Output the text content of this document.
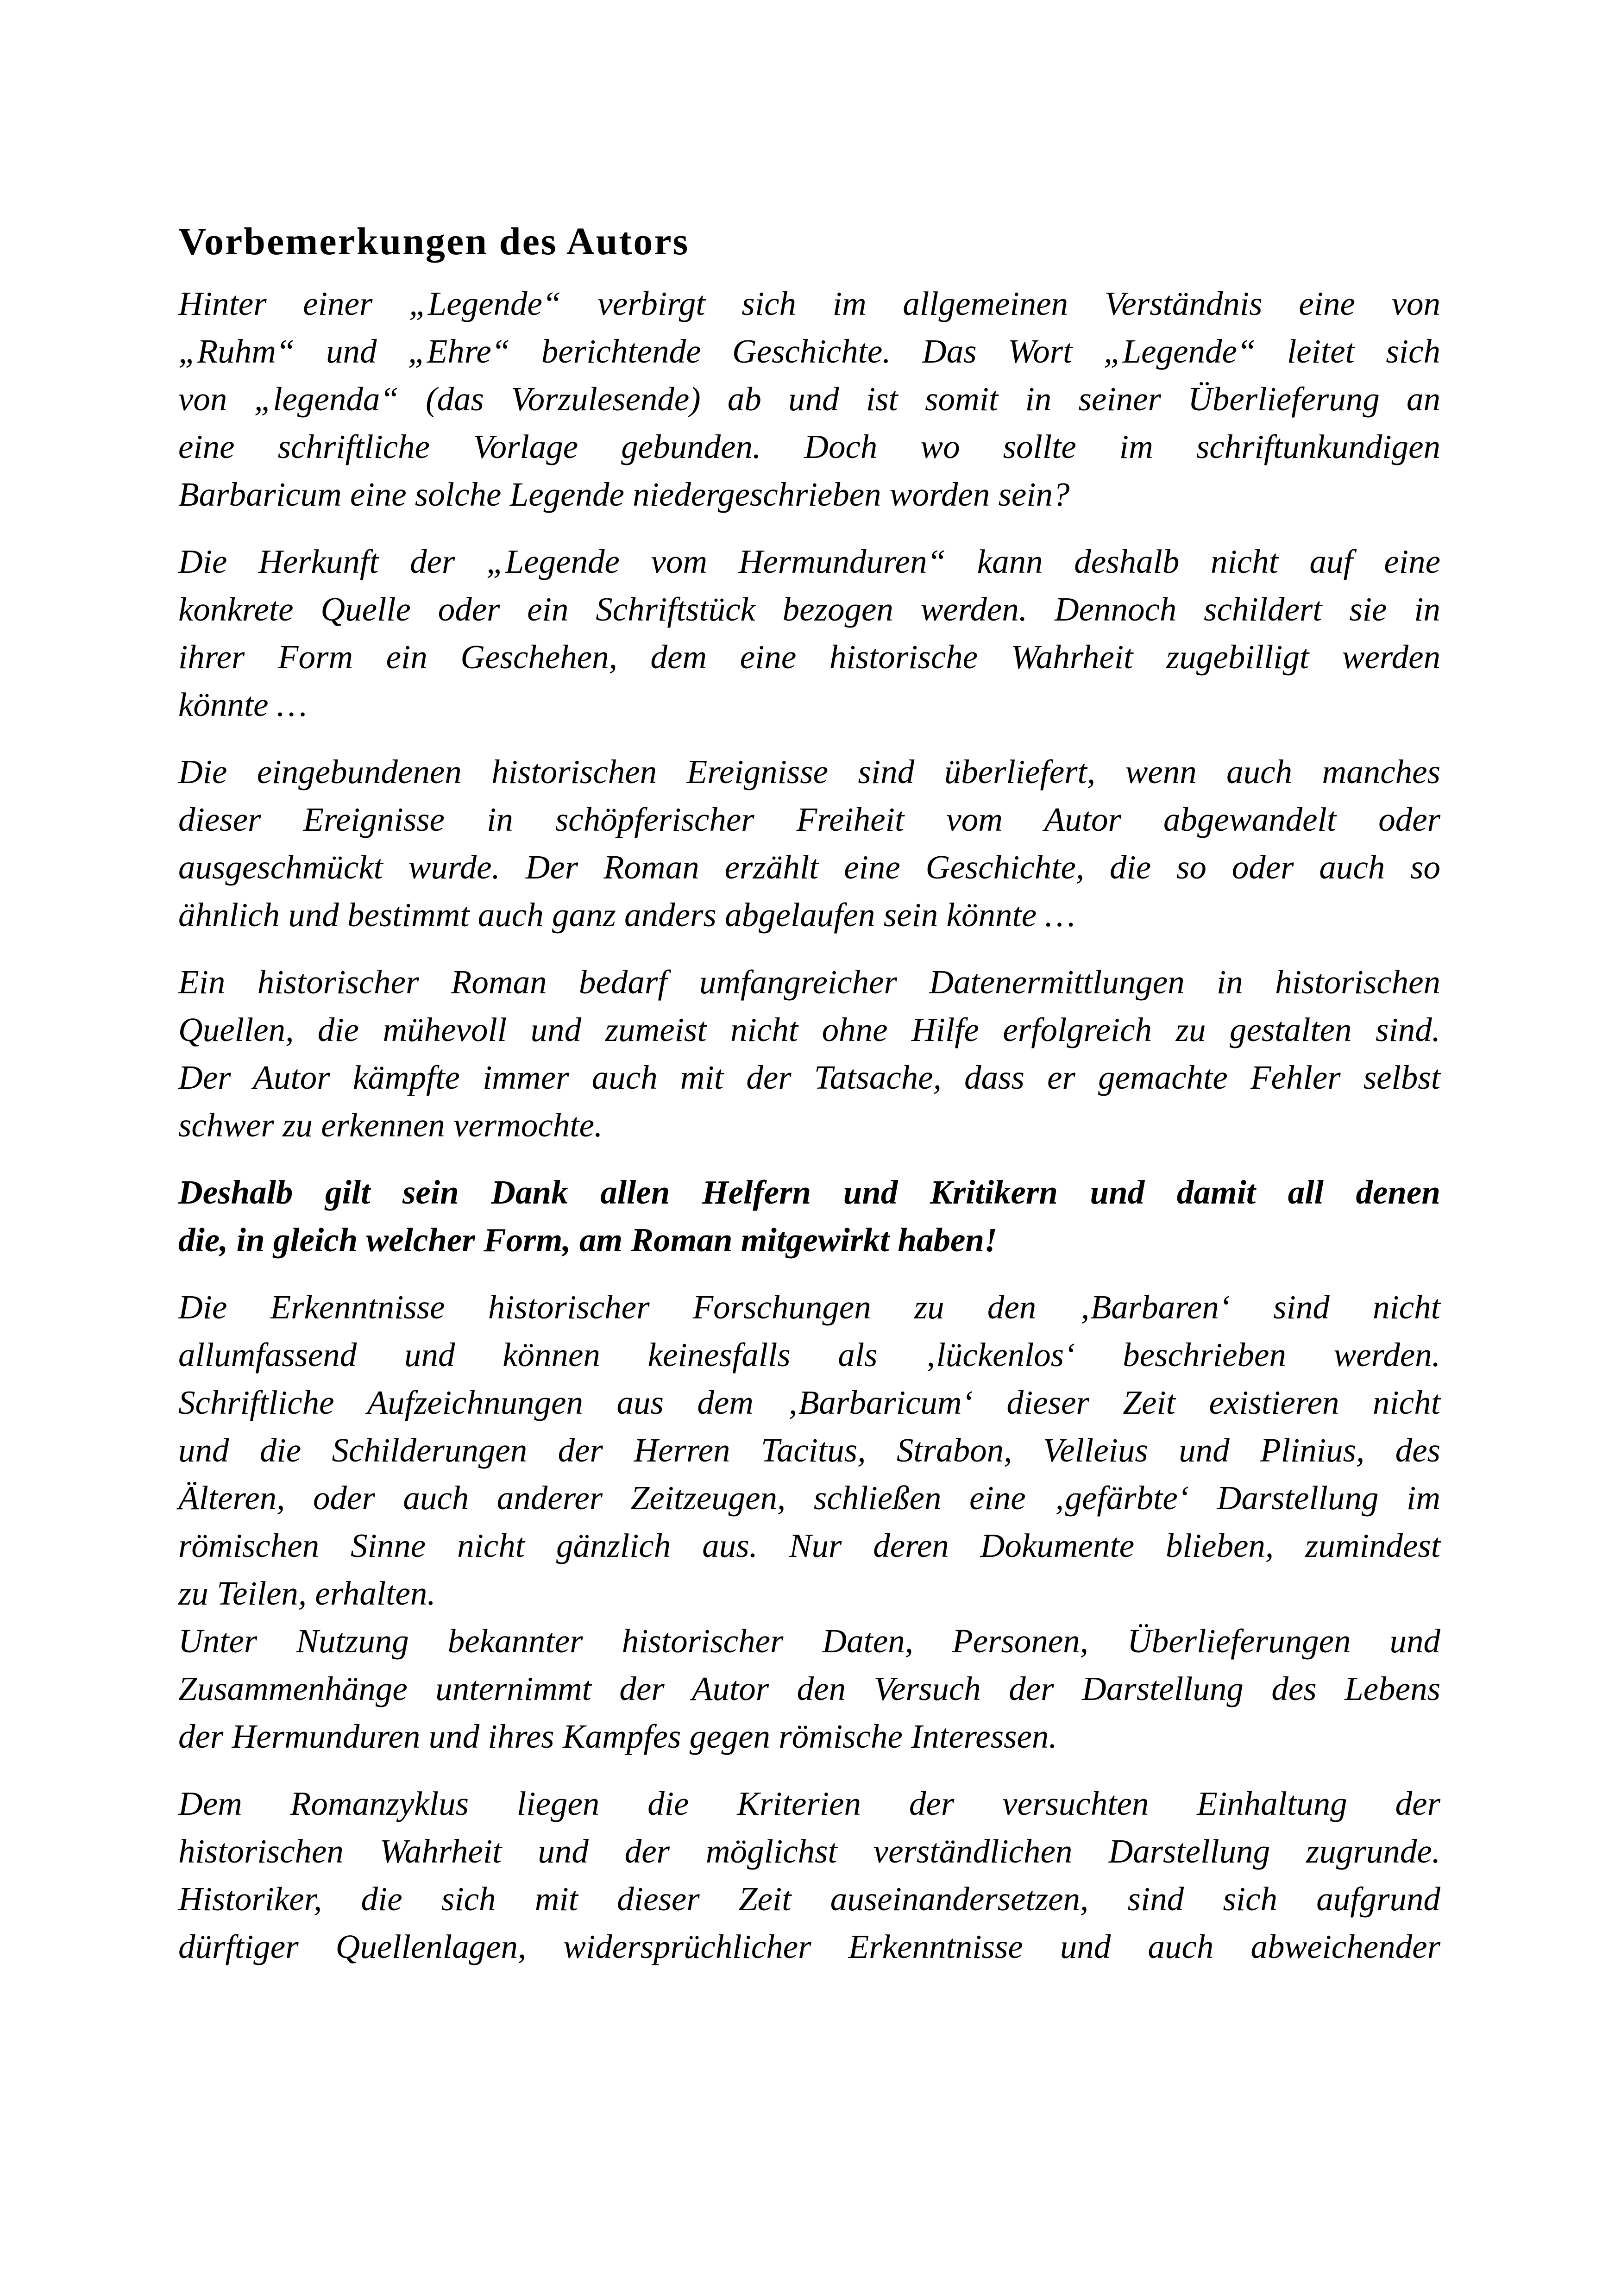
Vorbemerkungen des Autors

Hinter einer „Legende“ verbirgt sich im allgemeinen Verständnis eine von
„Ruhm“ und „Ehre“ berichtende Geschichte. Das Wort „Legende“ leitet sich
von „legenda“ (das Vorzulesende) ab und ist somit in seiner Überlieferung an
eine schriftliche Vorlage gebunden. Doch wo sollte im schriftunkundigen
Barbaricum eine solche Legende niedergeschrieben worden sein?

Die Herkunft der „Legende vom Hermunduren“ kann deshalb nicht auf eine
konkrete Quelle oder ein Schriftstück bezogen werden. Dennoch schildert sie in
ihrer Form ein Geschehen, dem eine historische Wahrheit zugebilligt werden
könnte …

Die eingebundenen historischen Ereignisse sind überliefert, wenn auch manches
dieser Ereignisse in schöpferischer Freiheit vom Autor abgewandelt oder
ausgeschmückt wurde. Der Roman erzählt eine Geschichte, die so oder auch so
ähnlich und bestimmt auch ganz anders abgelaufen sein könnte …

Ein historischer Roman bedarf umfangreicher Datenermittlungen in historischen
Quellen, die mühevoll und zumeist nicht ohne Hilfe erfolgreich zu gestalten sind.
Der Autor kämpfte immer auch mit der Tatsache, dass er gemachte Fehler selbst
schwer zu erkennen vermochte.

Deshalb gilt sein Dank allen Helfern und Kritikern und damit all denen
die, in gleich welcher Form, am Roman mitgewirkt haben!

Die Erkenntnisse historischer Forschungen zu den ‚Barbaren‘ sind nicht
allumfassend und können keinesfalls als ‚lückenlos‘ beschrieben werden.
Schriftliche Aufzeichnungen aus dem ‚Barbaricum‘ dieser Zeit existieren nicht
und die Schilderungen der Herren Tacitus, Strabon, Velleius und Plinius, des
Älteren, oder auch anderer Zeitzeugen, schließen eine ‚gefärbte‘ Darstellung im
römischen Sinne nicht gänzlich aus. Nur deren Dokumente blieben, zumindest
zu Teilen, erhalten.
Unter Nutzung bekannter historischer Daten, Personen, Überlieferungen und
Zusammenhänge unternimmt der Autor den Versuch der Darstellung des Lebens
der Hermunduren und ihres Kampfes gegen römische Interessen.

Dem Romanzyklus liegen die Kriterien der versuchten Einhaltung der
historischen Wahrheit und der möglichst verständlichen Darstellung zugrunde.
Historiker, die sich mit dieser Zeit auseinandersetzen, sind sich aufgrund
dürftiger Quellenlagen, widersprüchlicher Erkenntnisse und auch abweichender
